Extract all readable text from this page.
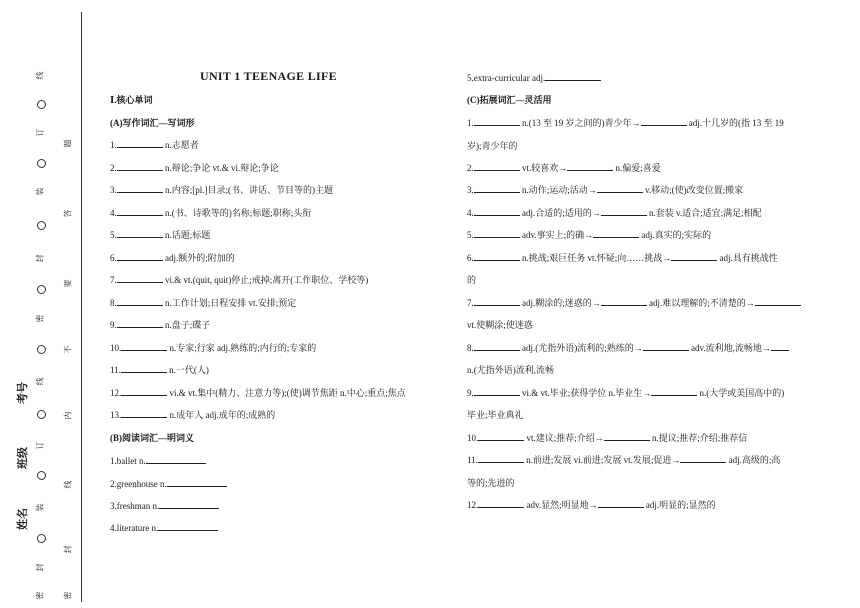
线
订
装
封
密
线
订
装
封
密
题
答
要
不
内
线
封
密
考号
班级
姓名
UNIT 1 TEENAGE LIFE
Ⅰ.核心单词
(A)写作词汇—写词形
1.	n.志愿者
2.	n.辩论;争论 vt.& vi.辩论;争论
3.	n.内容;[pl.]目录;(书、讲话、节目等的)主题
4.	n.(书、诗歌等的)名称;标题;职称;头衔
5.	n.话题;标题
6.	adj.额外的;附加的
7.	vi.& vt.(quit, quit)停止;戒掉;离开(工作职位、学校等)
8.	n.工作计划;日程安排 vt.安排;预定
9.	n.盘子;碟子
10.	n.专家;行家 adj.熟练的;内行的;专家的
11.	n.一代(人)
12.	vi.& vt.集中(精力、注意力等);(使)调节焦距 n.中心;重点;焦点
13.	n.成年人 adj.成年的;成熟的
(B)阅读词汇—明词义
1.ballet n.
2.greenhouse n.
3.freshman n.
4.literature n.
5.extra-curricular adj.
(C)拓展词汇—灵活用
1.	n.(13 至 19 岁之间的)青少年→	adj.十几岁的(指 13 至 19
岁);青少年的
2.	vt.较喜欢→	n.偏爱;喜爱
3.	n.动作;运动;活动→	v.移动;(使)改变位置;搬家
4.	adj.合适的;适用的→	n.套装 v.适合;适宜;满足;相配
5.	adv.事实上;的确→	adj.真实的;实际的
6.	n.挑战;艰巨任务 vt.怀疑;向……挑战→	adj.具有挑战性
的
7.	adj.糊涂的;迷惑的→	adj.难以理解的;不清楚的→
vt.使糊涂;使迷惑
8.	adj.(尤指外语)流利的;熟练的→	adv.流利地,流畅地→
n.(尤指外语)流利,流畅
9.	vi.& vt.毕业;获得学位 n.毕业生→	n.(大学或美国高中的)
毕业;毕业典礼
10.	vt.建议;推荐;介绍→	n.提议;推荐;介绍;推荐信
11.	n.前进;发展 vi.前进;发展 vt.发展;促进→	adj.高级的;高
等的;先进的
12.	adv.显然;明显地→	adj.明显的;显然的
